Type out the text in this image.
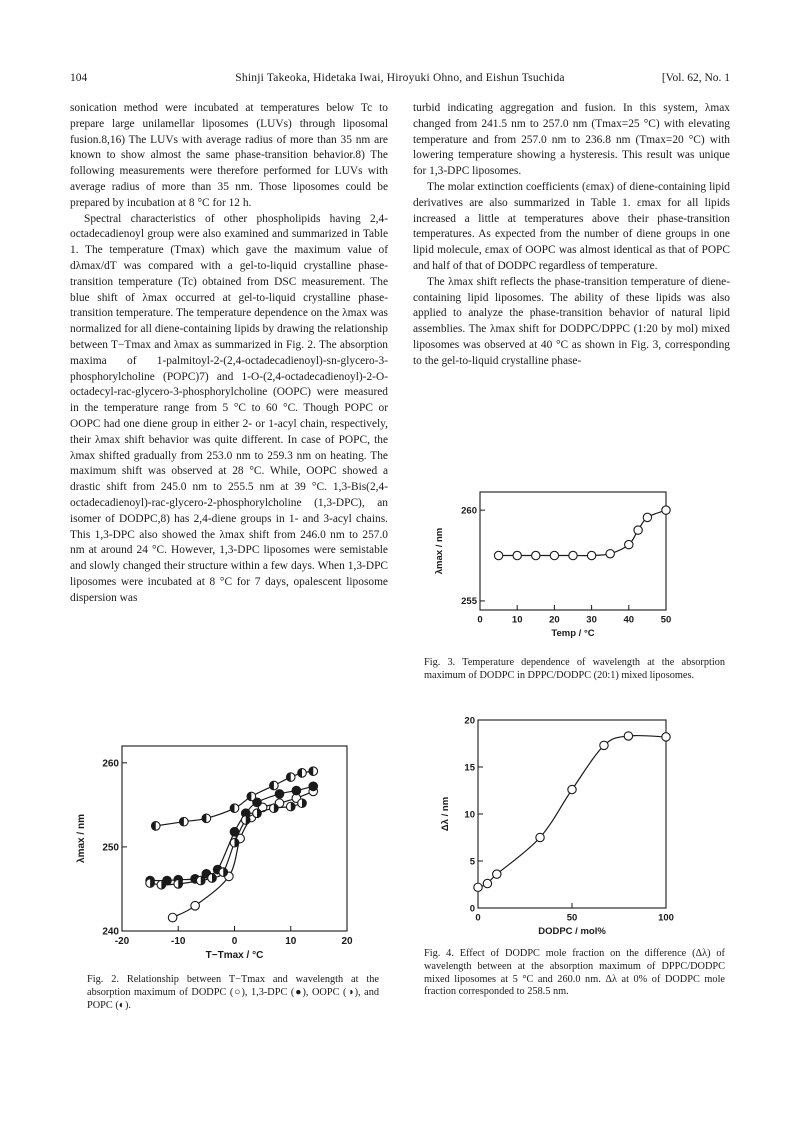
104	Shinji Takeoka, Hidetaka Iwai, Hiroyuki Ohno, and Eishun Tsuchida	[Vol. 62, No. 1

sonication method were incubated at temperatures below Tc to prepare large unilamellar liposomes (LUVs) through liposomal fusion.8,16) The LUVs with average radius of more than 35 nm are known to show almost the same phase-transition behavior.8) The following measurements were therefore performed for LUVs with average radius of more than 35 nm. Those liposomes could be prepared by incubation at 8 °C for 12 h.

Spectral characteristics of other phospholipids having 2,4-octadecadienoyl group were also examined and summarized in Table 1. The temperature (Tmax) which gave the maximum value of dλmax/dT was compared with a gel-to-liquid crystalline phase-transition temperature (Tc) obtained from DSC measurement. The blue shift of λmax occurred at gel-to-liquid crystalline phase-transition temperature. The temperature dependence on the λmax was normalized for all diene-containing lipids by drawing the relationship between T−Tmax and λmax as summarized in Fig. 2. The absorption maxima of 1-palmitoyl-2-(2,4-octadecadienoyl)-sn-glycero-3-phosphorylcholine (POPC)7) and 1-O-(2,4-octadecadienoyl)-2-O-octadecyl-rac-glycero-3-phosphorylcholine (OOPC) were measured in the temperature range from 5 °C to 60 °C. Though POPC or OOPC had one diene group in either 2- or 1-acyl chain, respectively, their λmax shift behavior was quite different. In case of POPC, the λmax shifted gradually from 253.0 nm to 259.3 nm on heating. The maximum shift was observed at 28 °C. While, OOPC showed a drastic shift from 245.0 nm to 255.5 nm at 39 °C. 1,3-Bis(2,4-octadecadienoyl)-rac-glycero-2-phosphorylcholine (1,3-DPC), an isomer of DODPC,8) has 2,4-diene groups in 1- and 3-acyl chains. This 1,3-DPC also showed the λmax shift from 246.0 nm to 257.0 nm at around 24 °C. However, 1,3-DPC liposomes were semistable and slowly changed their structure within a few days. When 1,3-DPC liposomes were incubated at 8 °C for 7 days, opalescent liposome dispersion was

turbid indicating aggregation and fusion. In this system, λmax changed from 241.5 nm to 257.0 nm (Tmax=25 °C) with elevating temperature and from 257.0 nm to 236.8 nm (Tmax=20 °C) with lowering temperature showing a hysteresis. This result was unique for 1,3-DPC liposomes.

The molar extinction coefficients (εmax) of diene-containing lipid derivatives are also summarized in Table 1. εmax for all lipids increased a little at temperatures above their phase-transition temperatures. As expected from the number of diene groups in one lipid molecule, εmax of OOPC was almost identical as that of POPC and half of that of DODPC regardless of temperature.

The λmax shift reflects the phase-transition temperature of diene-containing lipid liposomes. The ability of these lipids was also applied to analyze the phase-transition behavior of natural lipid assemblies. The λmax shift for DODPC/DPPC (1:20 by mol) mixed liposomes was observed at 40 °C as shown in Fig. 3, corresponding to the gel-to-liquid crystalline phase-

-20	-10	0	10	20
240
250
260
T−Tmax / °C
λmax / nm
Fig. 2. Relationship between T−Tmax and wavelength at the absorption maximum of DODPC (○), 1,3-DPC (●), OOPC (◑), and POPC (◐).
0	10	20	30	40	50
255
260
Temp / °C
λmax / nm
Fig. 3. Temperature dependence of wavelength at the absorption maximum of DODPC in DPPC/DODPC (20:1) mixed liposomes.
0	50	100
0
5
10
15
20
DODPC / mol%
Δλ / nm
Fig. 4. Effect of DODPC mole fraction on the difference (Δλ) of wavelength between at the absorption maximum of DPPC/DODPC mixed liposomes at 5 °C and 260.0 nm. Δλ at 0% of DODPC mole fraction corresponded to 258.5 nm.
